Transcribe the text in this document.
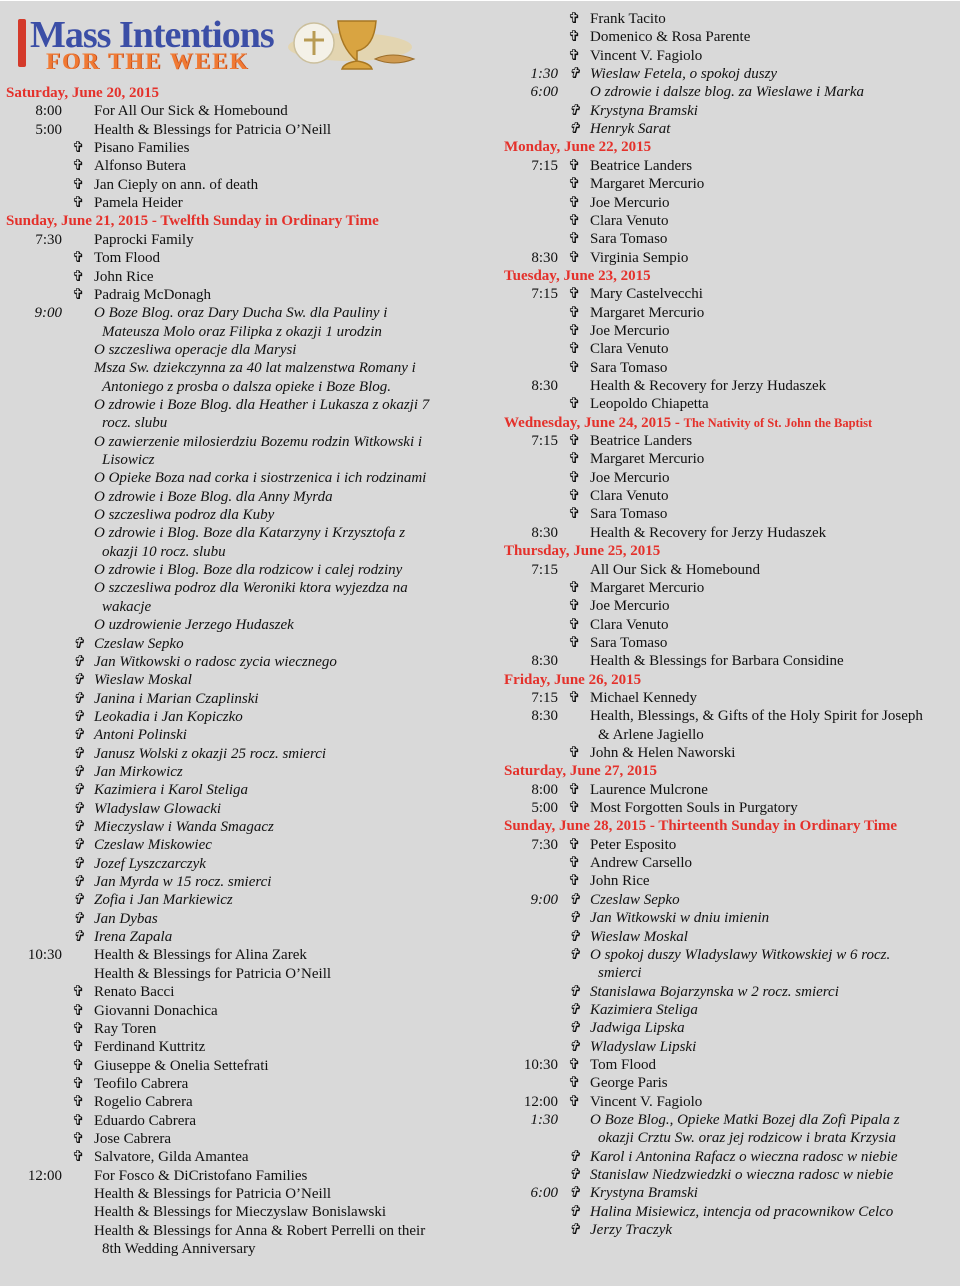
Mass Intentions
FOR THE WEEK
Saturday, June 20, 2015
8:00 For All Our Sick & Homebound
5:00 Health & Blessings for Patricia O’Neill
✞ Pisano Families
✞ Alfonso Butera
✞ Jan Cieply on ann. of death
✞ Pamela Heider
Sunday, June 21, 2015 - Twelfth Sunday in Ordinary Time
7:30 Paprocki Family
✞ Tom Flood
✞ John Rice
✞ Padraig McDonagh
9:00 O Boze Blog. oraz Dary Ducha Sw. dla Pauliny i
Mateusza Molo oraz Filipka z okazji 1 urodzin
O szczesliwa operacje dla Marysi
Msza Sw. dziekczynna za 40 lat malzenstwa Romany i
Antoniego z prosba o dalsza opieke i Boze Blog.
O zdrowie i Boze Blog. dla Heather i Lukasza z okazji 7
rocz. slubu
O zawierzenie milosierdziu Bozemu rodzin Witkowski i
Lisowicz
O Opieke Boza nad corka i siostrzenica i ich rodzinami
O zdrowie i Boze Blog. dla Anny Myrda
O szczesliwa podroz dla Kuby
O zdrowie i Blog. Boze dla Katarzyny i Krzysztofa z
okazji 10 rocz. slubu
O zdrowie i Blog. Boze dla rodzicow i calej rodziny
O szczesliwa podroz dla Weroniki ktora wyjezdza na
wakacje
O uzdrowienie Jerzego Hudaszek
✞ Czeslaw Sepko
✞ Jan Witkowski o radosc zycia wiecznego
✞ Wieslaw Moskal
✞ Janina i Marian Czaplinski
✞ Leokadia i Jan Kopiczko
✞ Antoni Polinski
✞ Janusz Wolski z okazji 25 rocz. smierci
✞ Jan Mirkowicz
✞ Kazimiera i Karol Steliga
✞ Wladyslaw Glowacki
✞ Mieczyslaw i Wanda Smagacz
✞ Czeslaw Miskowiec
✞ Jozef Lyszczarczyk
✞ Jan Myrda w 15 rocz. smierci
✞ Zofia i Jan Markiewicz
✞ Jan Dybas
✞ Irena Zapala
10:30 Health & Blessings for Alina Zarek
Health & Blessings for Patricia O’Neill
✞ Renato Bacci
✞ Giovanni Donachica
✞ Ray Toren
✞ Ferdinand Kuttritz
✞ Giuseppe & Onelia Settefrati
✞ Teofilo Cabrera
✞ Rogelio Cabrera
✞ Eduardo Cabrera
✞ Jose Cabrera
✞ Salvatore, Gilda Amantea
12:00 For Fosco & DiCristofano Families
Health & Blessings for Patricia O’Neill
Health & Blessings for Mieczyslaw Bonislawski
Health & Blessings for Anna & Robert Perrelli on their
8th Wedding Anniversary
✞ Frank Tacito
✞ Domenico & Rosa Parente
✞ Vincent V. Fagiolo
1:30 ✞ Wieslaw Fetela, o spokoj duszy
6:00 O zdrowie i dalsze blog. za Wieslawe i Marka
✞ Krystyna Bramski
✞ Henryk Sarat
Monday, June 22, 2015
7:15 ✞ Beatrice Landers
✞ Margaret Mercurio
✞ Joe Mercurio
✞ Clara Venuto
✞ Sara Tomaso
8:30 ✞ Virginia Sempio
Tuesday, June 23, 2015
7:15 ✞ Mary Castelvecchi
✞ Margaret Mercurio
✞ Joe Mercurio
✞ Clara Venuto
✞ Sara Tomaso
8:30 Health & Recovery for Jerzy Hudaszek
✞ Leopoldo Chiapetta
Wednesday, June 24, 2015 - The Nativity of St. John the Baptist
7:15 ✞ Beatrice Landers
✞ Margaret Mercurio
✞ Joe Mercurio
✞ Clara Venuto
✞ Sara Tomaso
8:30 Health & Recovery for Jerzy Hudaszek
Thursday, June 25, 2015
7:15 All Our Sick & Homebound
✞ Margaret Mercurio
✞ Joe Mercurio
✞ Clara Venuto
✞ Sara Tomaso
8:30 Health & Blessings for Barbara Considine
Friday, June 26, 2015
7:15 ✞ Michael Kennedy
8:30 Health, Blessings, & Gifts of the Holy Spirit for Joseph
& Arlene Jagiello
✞ John & Helen Naworski
Saturday, June 27, 2015
8:00 ✞ Laurence Mulcrone
5:00 ✞ Most Forgotten Souls in Purgatory
Sunday, June 28, 2015 - Thirteenth Sunday in Ordinary Time
7:30 ✞ Peter Esposito
✞ Andrew Carsello
✞ John Rice
9:00 ✞ Czeslaw Sepko
✞ Jan Witkowski w dniu imienin
✞ Wieslaw Moskal
✞ O spokoj duszy Wladyslawy Witkowskiej w 6 rocz.
smierci
✞ Stanislawa Bojarzynska w 2 rocz. smierci
✞ Kazimiera Steliga
✞ Jadwiga Lipska
✞ Wladyslaw Lipski
10:30 ✞ Tom Flood
✞ George Paris
12:00 ✞ Vincent V. Fagiolo
1:30 O Boze Blog., Opieke Matki Bozej dla Zofi Pipala z
okazji Crztu Sw. oraz jej rodzicow i brata Krzysia
✞ Karol i Antonina Rafacz o wieczna radosc w niebie
✞ Stanislaw Niedzwiedzki o wieczna radosc w niebie
6:00 ✞ Krystyna Bramski
✞ Halina Misiewicz, intencja od pracownikow Celco
✞ Jerzy Traczyk
